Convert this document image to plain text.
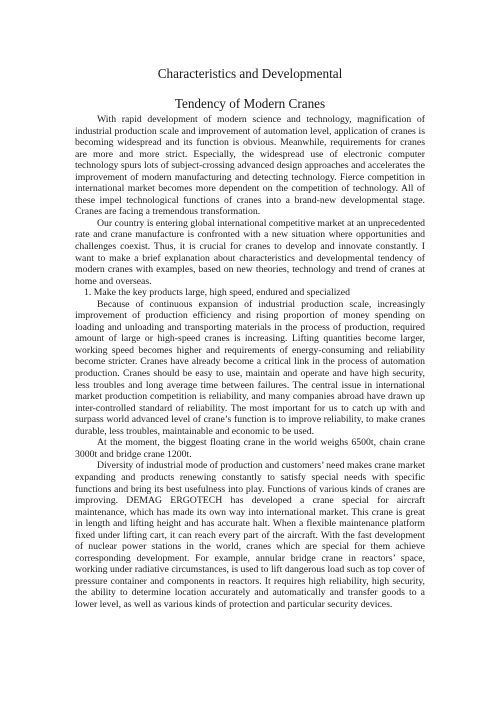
Characteristics and Developmental
Tendency of Modern Cranes

With rapid development of modern science and technology, magnification of industrial production scale and improvement of automation level, application of cranes is becoming widespread and its function is obvious. Meanwhile, requirements for cranes are more and more strict. Especially, the widespread use of electronic computer technology spurs lots of subject-crossing advanced design approaches and accelerates the improvement of modern manufacturing and detecting technology. Fierce competition in international market becomes more dependent on the competition of technology. All of these impel technological functions of cranes into a brand-new developmental stage. Cranes are facing a tremendous transformation.

Our country is entering global international competitive market at an unprecedented rate and crane manufacture is confronted with a new situation where opportunities and challenges coexist. Thus, it is crucial for cranes to develop and innovate constantly. I want to make a brief explanation about characteristics and developmental tendency of modern cranes with examples, based on new theories, technology and trend of cranes at home and overseas.

1. Make the key products large, high speed, endured and specialized

Because of continuous expansion of industrial production scale, increasingly improvement of production efficiency and rising proportion of money spending on loading and unloading and transporting materials in the process of production, required amount of large or high-speed cranes is increasing. Lifting quantities become larger, working speed becomes higher and requirements of energy-consuming and reliability become stricter. Cranes have already become a critical link in the process of automation production. Cranes should be easy to use, maintain and operate and have high security, less troubles and long average time between failures. The central issue in international market production competition is reliability, and many companies abroad have drawn up inter-controlled standard of reliability. The most important for us to catch up with and surpass world advanced level of crane’s function is to improve reliability, to make cranes durable, less troubles, maintainable and economic to be used.

At the moment, the biggest floating crane in the world weighs 6500t, chain crane 3000t and bridge crane 1200t.

Diversity of industrial mode of production and customers’ need makes crane market expanding and products renewing constantly to satisfy special needs with specific functions and bring its best usefulness into play. Functions of various kinds of cranes are improving. DEMAG ERGOTECH has developed a crane special for aircraft maintenance, which has made its own way into international market. This crane is great in length and lifting height and has accurate halt. When a flexible maintenance platform fixed under lifting cart, it can reach every part of the aircraft. With the fast development of nuclear power stations in the world, cranes which are special for them achieve corresponding development. For example, annular bridge crane in reactors’ space, working under radiative circumstances, is used to lift dangerous load such as top cover of pressure container and components in reactors. It requires high reliability, high security, the ability to determine location accurately and automatically and transfer goods to a lower level, as well as various kinds of protection and particular security devices.
